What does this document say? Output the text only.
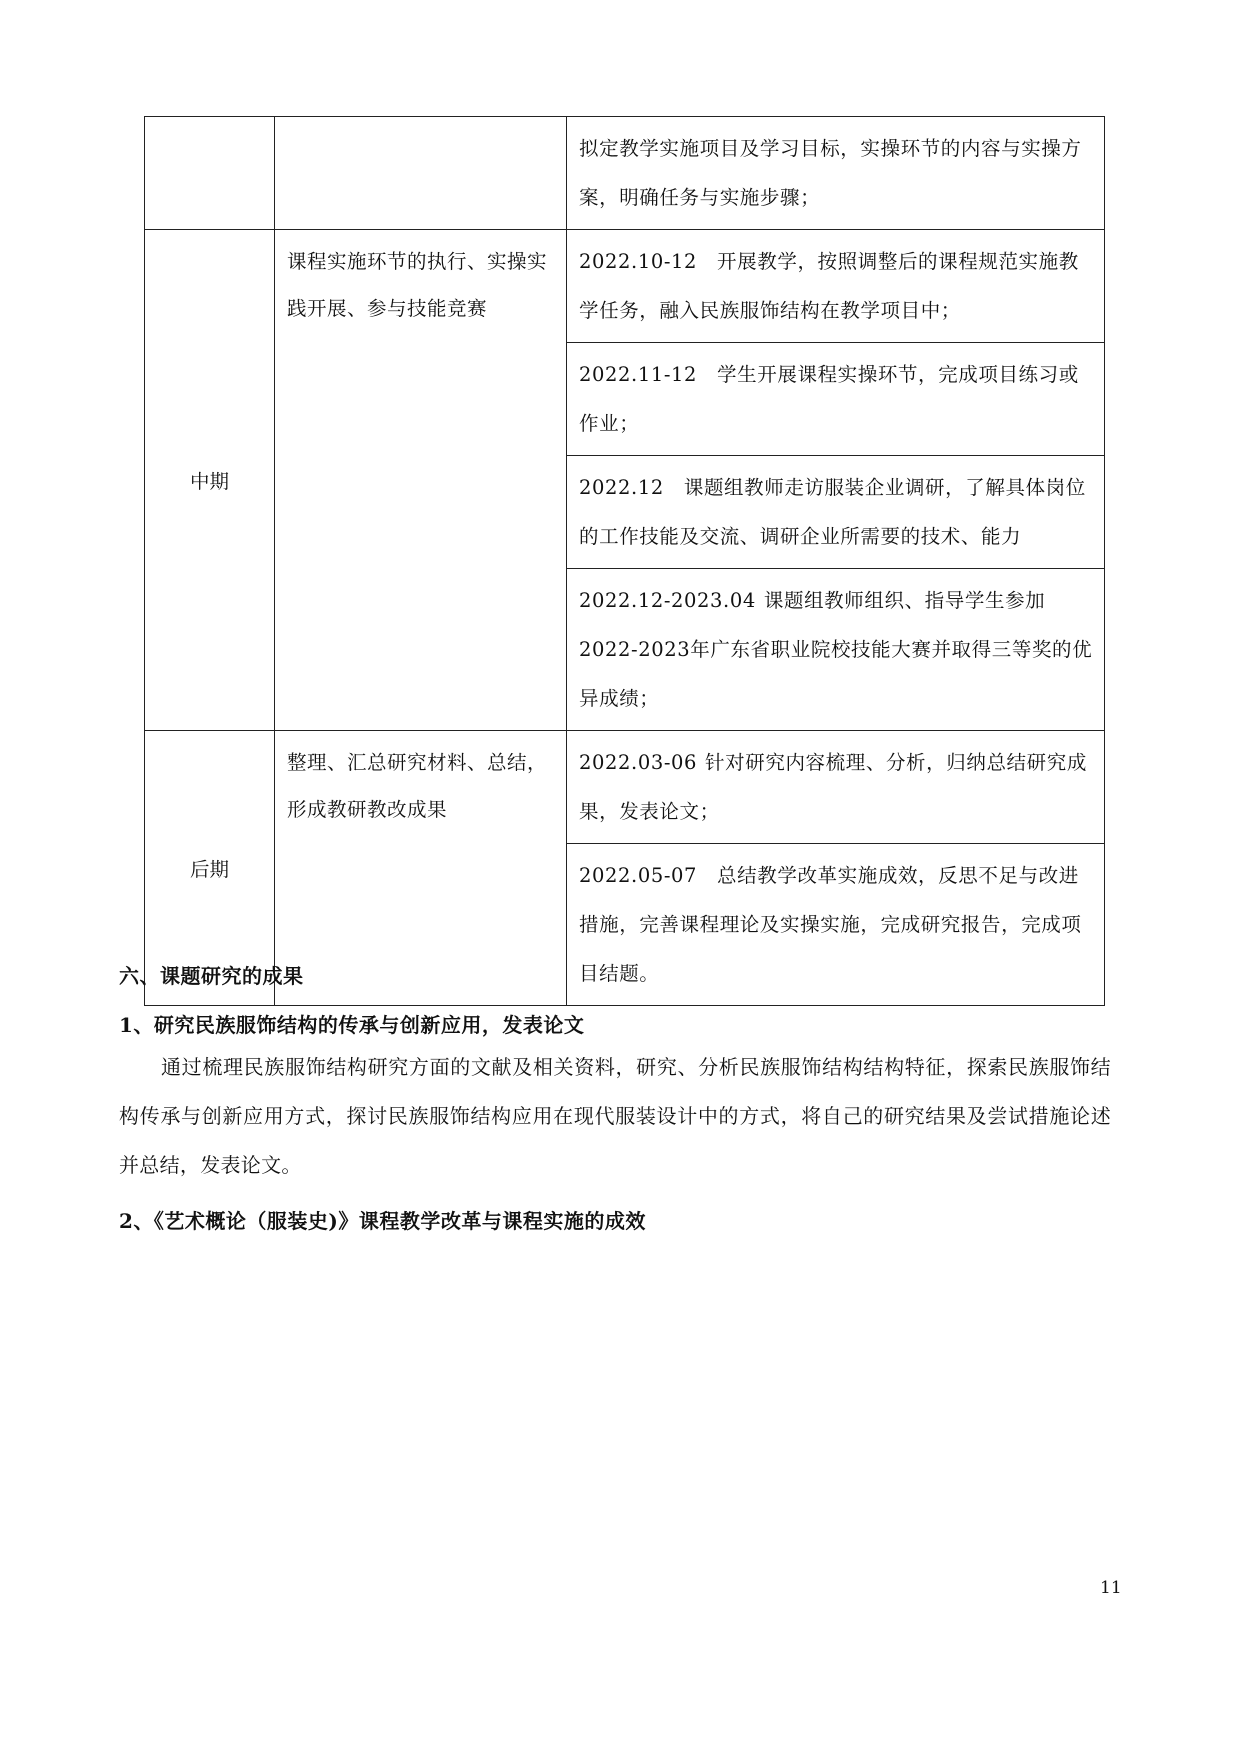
		拟定教学实施项目及学习目标，实操环节的内容与实操方案，明确任务与实施步骤；
中期	课程实施环节的执行、实操实践开展、参与技能竞赛	2022.10-12 开展教学，按照调整后的课程规范实施教学任务，融入民族服饰结构在教学项目中；
		2022.11-12 学生开展课程实操环节，完成项目练习或作业；
		2022.12 课题组教师走访服装企业调研，了解具体岗位的工作技能及交流、调研企业所需要的技术、能力
		2022.12-2023.04 课题组教师组织、指导学生参加2022-2023年广东省职业院校技能大赛并取得三等奖的优异成绩；
后期	整理、汇总研究材料、总结，形成教研教改成果	2022.03-06 针对研究内容梳理、分析，归纳总结研究成果，发表论文；
		2022.05-07 总结教学改革实施成效，反思不足与改进措施，完善课程理论及实操实施，完成研究报告，完成项目结题。
六、课题研究的成果
1、研究民族服饰结构的传承与创新应用，发表论文
通过梳理民族服饰结构研究方面的文献及相关资料，研究、分析民族服饰结构结构特征，探索民族服饰结构传承与创新应用方式，探讨民族服饰结构应用在现代服装设计中的方式，将自己的研究结果及尝试措施论述并总结，发表论文。
2、《艺术概论（服装史)》课程教学改革与课程实施的成效
11
